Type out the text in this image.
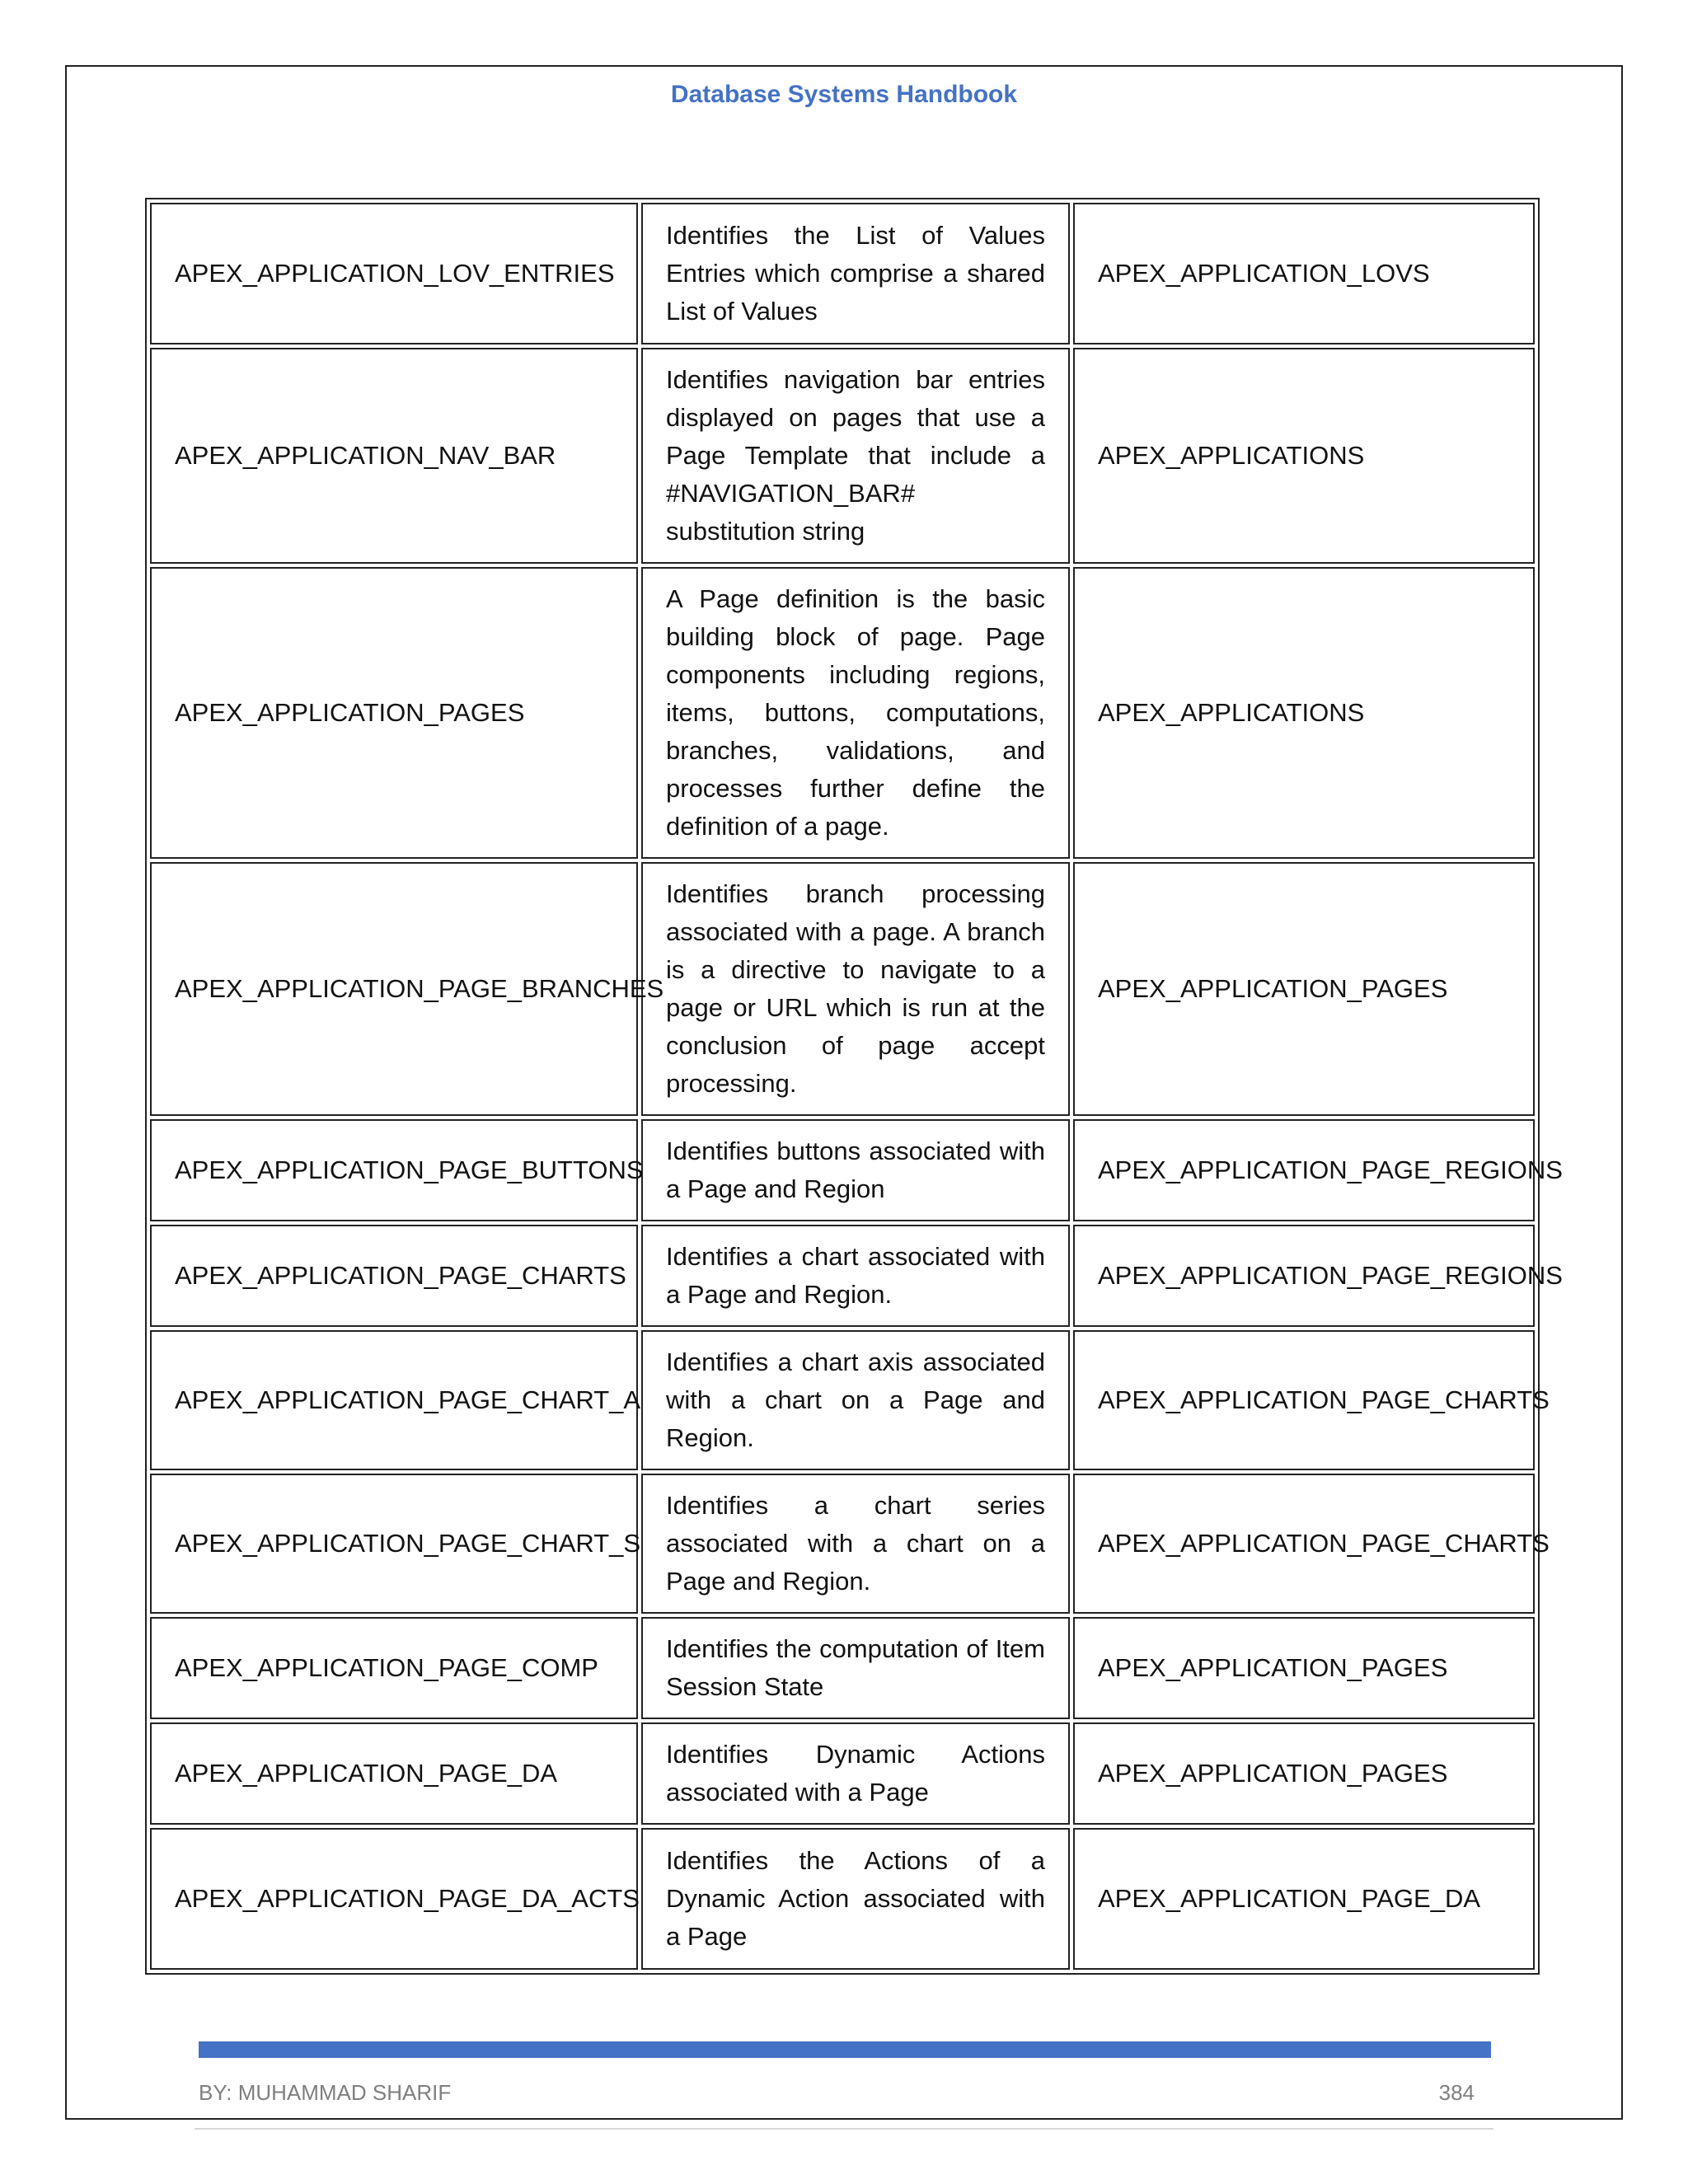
Database Systems Handbook
APEX_APPLICATION_LOV_ENTRIES	Identifies the List of Values Entries which comprise a shared List of Values	APEX_APPLICATION_LOVS
APEX_APPLICATION_NAV_BAR	Identifies navigation bar entries displayed on pages that use a Page Template that include a #NAVIGATION_BAR# substitution string	APEX_APPLICATIONS
APEX_APPLICATION_PAGES	A Page definition is the basic building block of page. Page components including regions, items, buttons, computations, branches, validations, and processes further define the definition of a page.	APEX_APPLICATIONS
APEX_APPLICATION_PAGE_BRANCHES	Identifies branch processing associated with a page. A branch is a directive to navigate to a page or URL which is run at the conclusion of page accept processing.	APEX_APPLICATION_PAGES
APEX_APPLICATION_PAGE_BUTTONS	Identifies buttons associated with a Page and Region	APEX_APPLICATION_PAGE_REGIONS
APEX_APPLICATION_PAGE_CHARTS	Identifies a chart associated with a Page and Region.	APEX_APPLICATION_PAGE_REGIONS
APEX_APPLICATION_PAGE_CHART_A	Identifies a chart axis associated with a chart on a Page and Region.	APEX_APPLICATION_PAGE_CHARTS
APEX_APPLICATION_PAGE_CHART_S	Identifies a chart series associated with a chart on a Page and Region.	APEX_APPLICATION_PAGE_CHARTS
APEX_APPLICATION_PAGE_COMP	Identifies the computation of Item Session State	APEX_APPLICATION_PAGES
APEX_APPLICATION_PAGE_DA	Identifies Dynamic Actions associated with a Page	APEX_APPLICATION_PAGES
APEX_APPLICATION_PAGE_DA_ACTS	Identifies the Actions of a Dynamic Action associated with a Page	APEX_APPLICATION_PAGE_DA
BY: MUHAMMAD SHARIF	384
